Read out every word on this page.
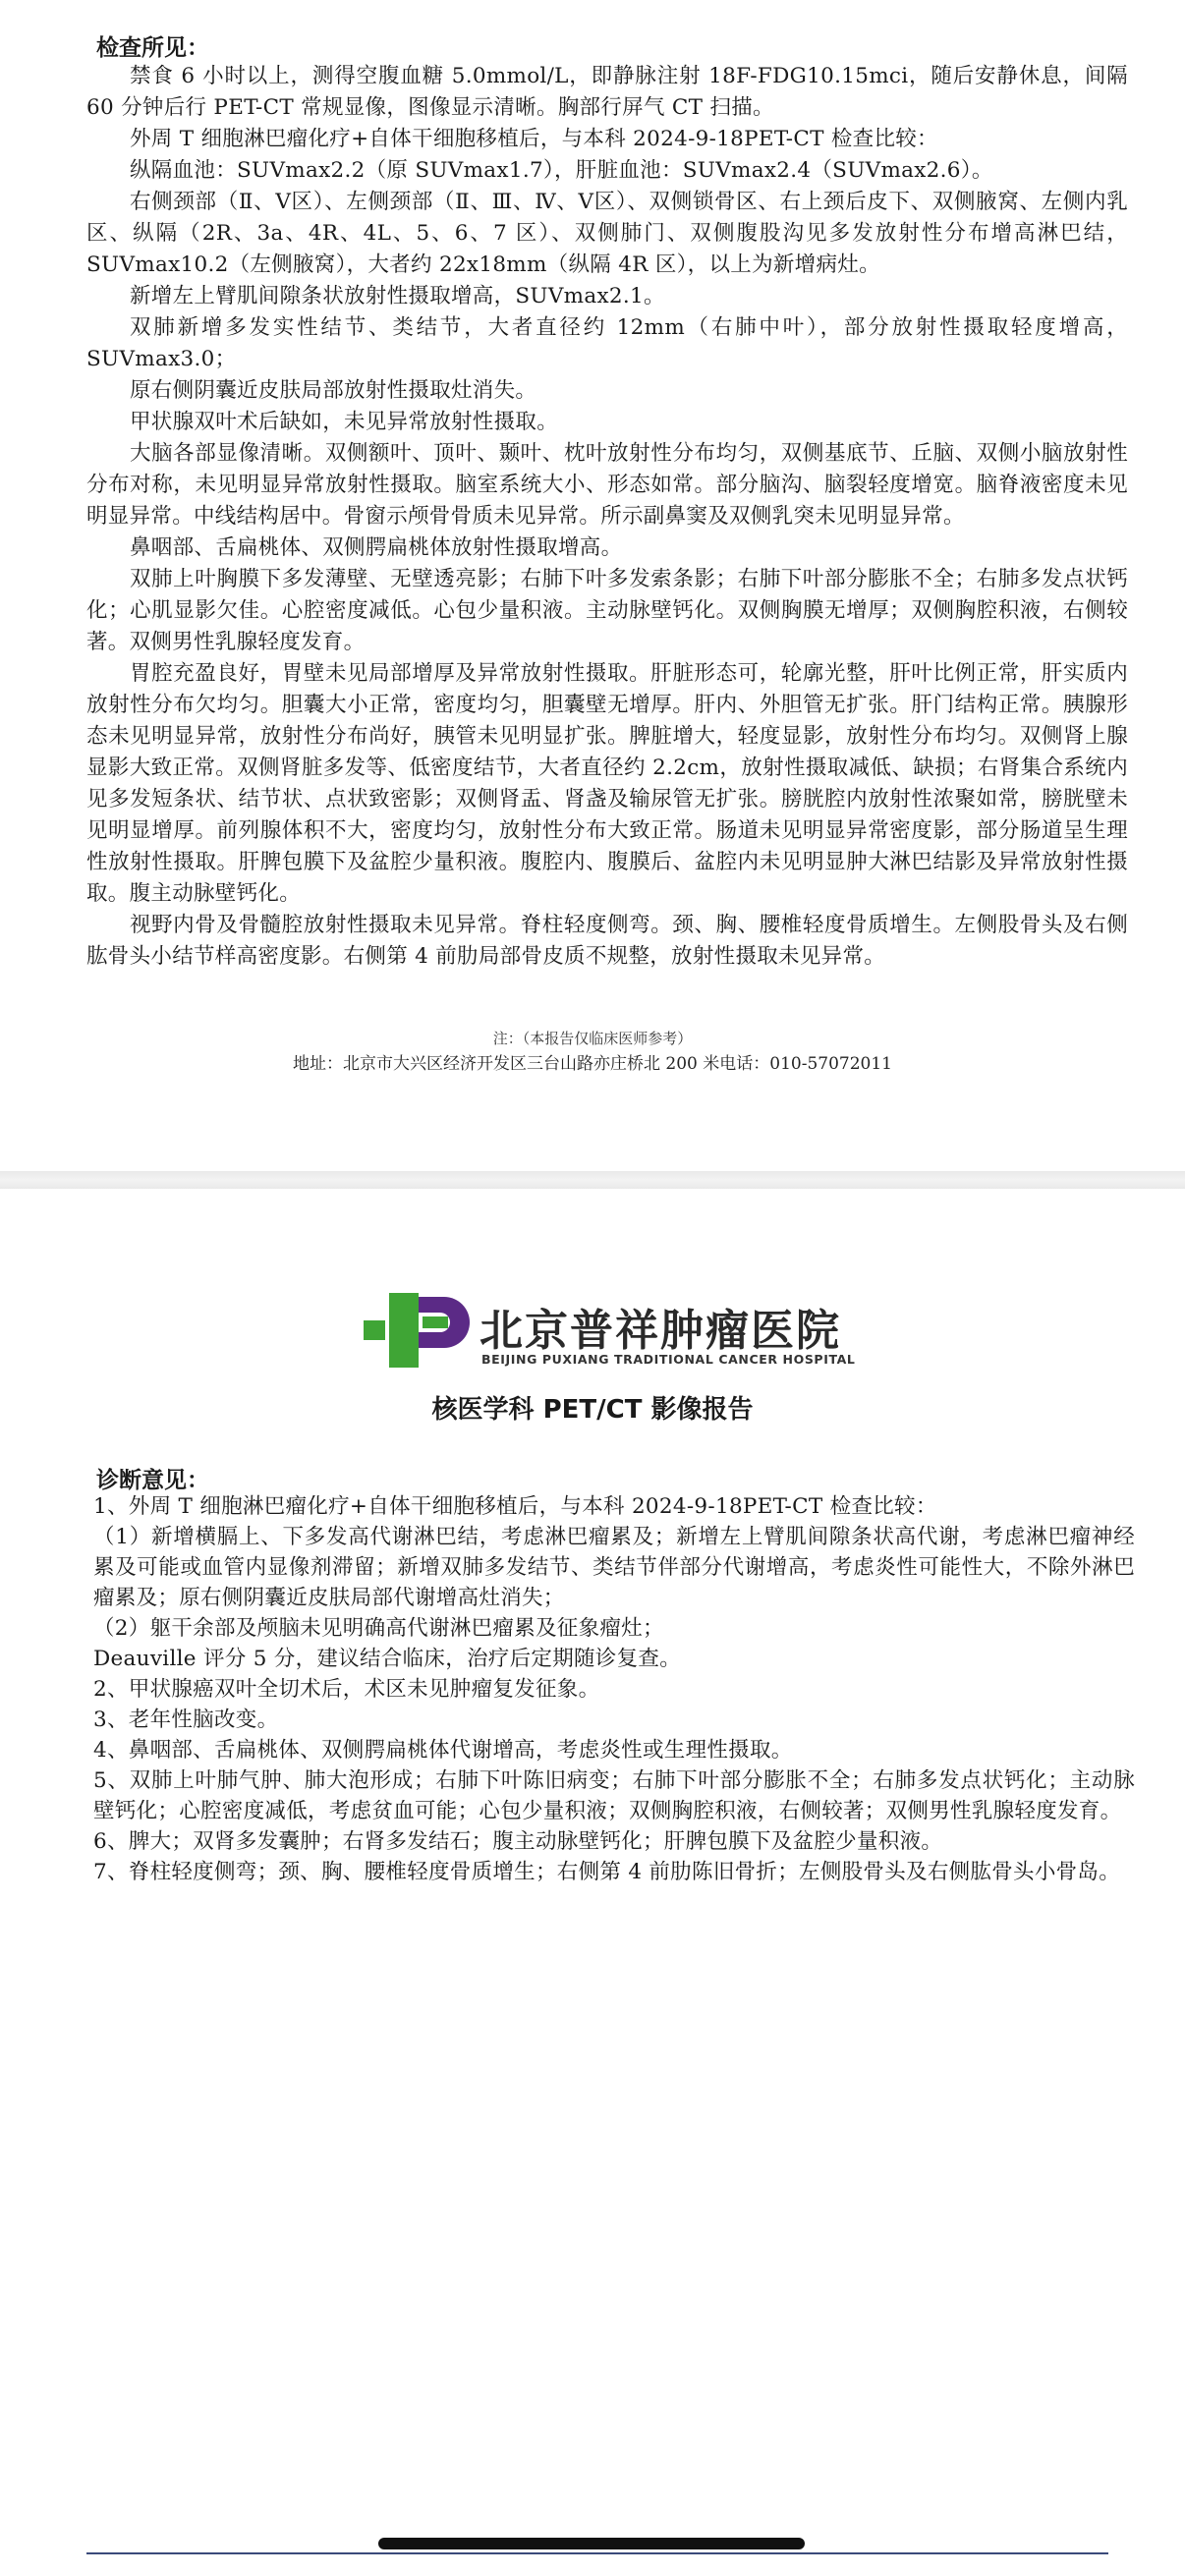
检查所见：

禁食 6 小时以上，测得空腹血糖 5.0mmol/L，即静脉注射 18F-FDG10.15mci，随后安静休息，间隔 60 分钟后行 PET-CT 常规显像，图像显示清晰。胸部行屏气 CT 扫描。

外周 T 细胞淋巴瘤化疗+自体干细胞移植后，与本科 2024-9-18PET-CT 检查比较：

纵隔血池：SUVmax2.2（原 SUVmax1.7），肝脏血池：SUVmax2.4（SUVmax2.6）。

右侧颈部（Ⅱ、Ⅴ区）、左侧颈部（Ⅱ、Ⅲ、Ⅳ、Ⅴ区）、双侧锁骨区、右上颈后皮下、双侧腋窝、左侧内乳区、纵隔（2R、3a、4R、4L、5、6、7 区）、双侧肺门、双侧腹股沟见多发放射性分布增高淋巴结，SUVmax10.2（左侧腋窝），大者约 22x18mm（纵隔 4R 区），以上为新增病灶。

新增左上臂肌间隙条状放射性摄取增高，SUVmax2.1。

双肺新增多发实性结节、类结节，大者直径约 12mm（右肺中叶），部分放射性摄取轻度增高，SUVmax3.0；

原右侧阴囊近皮肤局部放射性摄取灶消失。

甲状腺双叶术后缺如，未见异常放射性摄取。

大脑各部显像清晰。双侧额叶、顶叶、颞叶、枕叶放射性分布均匀，双侧基底节、丘脑、双侧小脑放射性分布对称，未见明显异常放射性摄取。脑室系统大小、形态如常。部分脑沟、脑裂轻度增宽。脑脊液密度未见明显异常。中线结构居中。骨窗示颅骨骨质未见异常。所示副鼻窦及双侧乳突未见明显异常。

鼻咽部、舌扁桃体、双侧腭扁桃体放射性摄取增高。

双肺上叶胸膜下多发薄壁、无壁透亮影；右肺下叶多发索条影；右肺下叶部分膨胀不全；右肺多发点状钙化；心肌显影欠佳。心腔密度减低。心包少量积液。主动脉壁钙化。双侧胸膜无增厚；双侧胸腔积液，右侧较著。双侧男性乳腺轻度发育。

胃腔充盈良好，胃壁未见局部增厚及异常放射性摄取。肝脏形态可，轮廓光整，肝叶比例正常，肝实质内放射性分布欠均匀。胆囊大小正常，密度均匀，胆囊壁无增厚。肝内、外胆管无扩张。肝门结构正常。胰腺形态未见明显异常，放射性分布尚好，胰管未见明显扩张。脾脏增大，轻度显影，放射性分布均匀。双侧肾上腺显影大致正常。双侧肾脏多发等、低密度结节，大者直径约 2.2cm，放射性摄取减低、缺损；右肾集合系统内见多发短条状、结节状、点状致密影；双侧肾盂、肾盏及输尿管无扩张。膀胱腔内放射性浓聚如常，膀胱壁未见明显增厚。前列腺体积不大，密度均匀，放射性分布大致正常。肠道未见明显异常密度影，部分肠道呈生理性放射性摄取。肝脾包膜下及盆腔少量积液。腹腔内、腹膜后、盆腔内未见明显肿大淋巴结影及异常放射性摄取。腹主动脉壁钙化。

视野内骨及骨髓腔放射性摄取未见异常。脊柱轻度侧弯。颈、胸、腰椎轻度骨质增生。左侧股骨头及右侧肱骨头小结节样高密度影。右侧第 4 前肋局部骨皮质不规整，放射性摄取未见异常。

注：（本报告仅临床医师参考）
地址：北京市大兴区经济开发区三台山路亦庄桥北 200 米电话：010-57072011
北京普祥肿瘤医院
BEIJING PUXIANG TRADITIONAL CANCER HOSPITAL
核医学科 PET/CT 影像报告
诊断意见：

1、外周 T 细胞淋巴瘤化疗+自体干细胞移植后，与本科 2024-9-18PET-CT 检查比较：

（1）新增横膈上、下多发高代谢淋巴结，考虑淋巴瘤累及；新增左上臂肌间隙条状高代谢，考虑淋巴瘤神经累及可能或血管内显像剂滞留；新增双肺多发结节、类结节伴部分代谢增高，考虑炎性可能性大，不除外淋巴瘤累及；原右侧阴囊近皮肤局部代谢增高灶消失；

（2）躯干余部及颅脑未见明确高代谢淋巴瘤累及征象瘤灶；

Deauville 评分 5 分，建议结合临床，治疗后定期随诊复查。

2、甲状腺癌双叶全切术后，术区未见肿瘤复发征象。

3、老年性脑改变。

4、鼻咽部、舌扁桃体、双侧腭扁桃体代谢增高，考虑炎性或生理性摄取。

5、双肺上叶肺气肿、肺大泡形成；右肺下叶陈旧病变；右肺下叶部分膨胀不全；右肺多发点状钙化；主动脉壁钙化；心腔密度减低，考虑贫血可能；心包少量积液；双侧胸腔积液，右侧较著；双侧男性乳腺轻度发育。

6、脾大；双肾多发囊肿；右肾多发结石；腹主动脉壁钙化；肝脾包膜下及盆腔少量积液。

7、脊柱轻度侧弯；颈、胸、腰椎轻度骨质增生；右侧第 4 前肋陈旧骨折；左侧股骨头及右侧肱骨头小骨岛。
